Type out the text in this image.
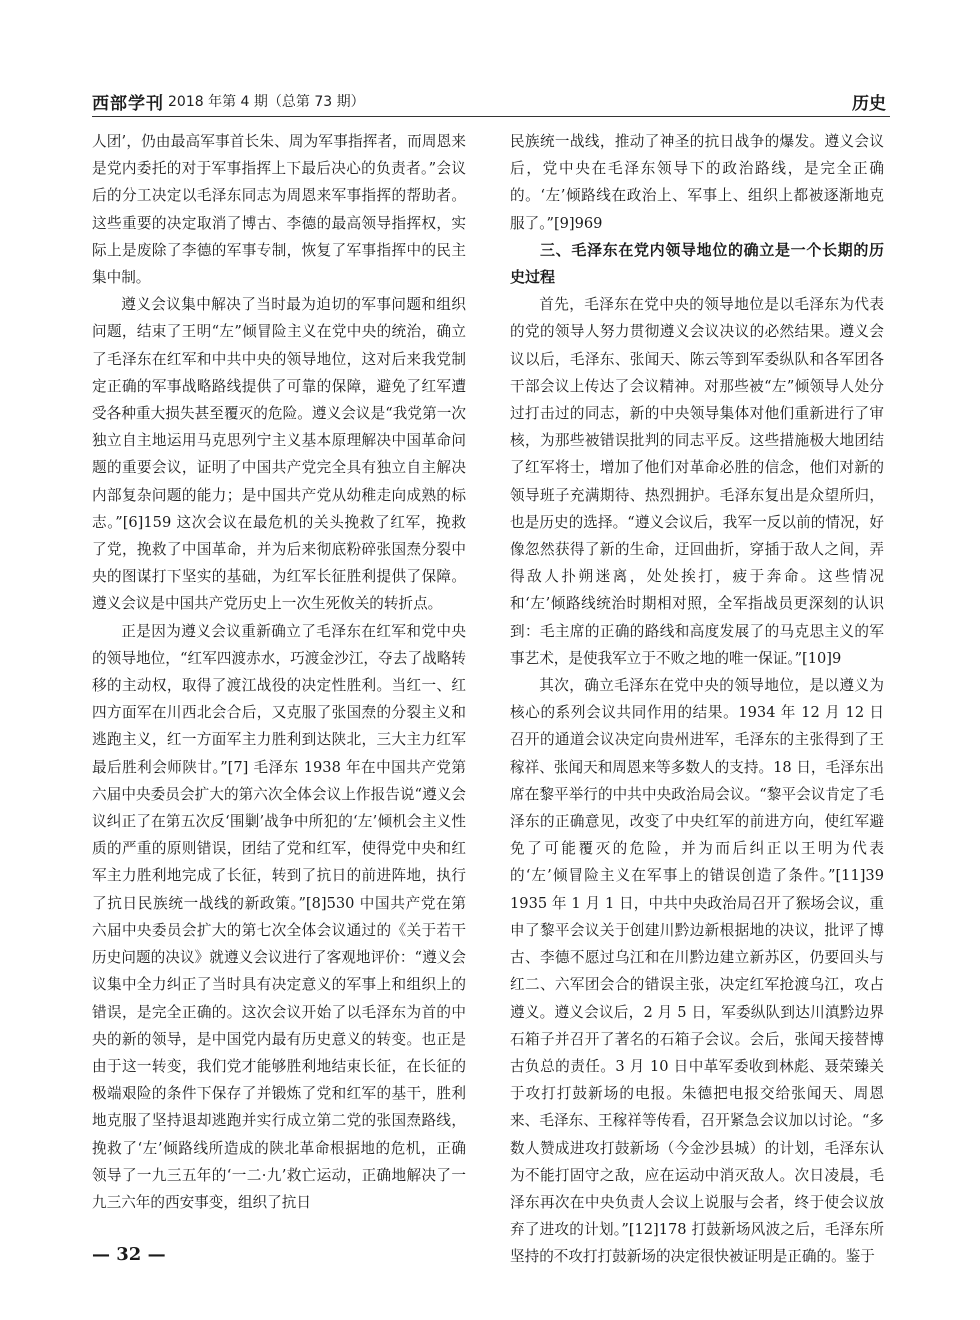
西部学刊 2018 年第 4 期（总第 73 期）	历史

人团’，仍由最高军事首长朱、周为军事指挥者，而周恩来是党内委托的对于军事指挥上下最后决心的负责者。”会议后的分工决定以毛泽东同志为周恩来军事指挥的帮助者。这些重要的决定取消了博古、李德的最高领导指挥权，实际上是废除了李德的军事专制，恢复了军事指挥中的民主集中制。

遵义会议集中解决了当时最为迫切的军事问题和组织问题，结束了王明“左”倾冒险主义在党中央的统治，确立了毛泽东在红军和中共中央的领导地位，这对后来我党制定正确的军事战略路线提供了可靠的保障，避免了红军遭受各种重大损失甚至覆灭的危险。遵义会议是“我党第一次独立自主地运用马克思列宁主义基本原理解决中国革命问题的重要会议，证明了中国共产党完全具有独立自主解决内部复杂问题的能力；是中国共产党从幼稚走向成熟的标志。”[6]159 这次会议在最危机的关头挽救了红军，挽救了党，挽救了中国革命，并为后来彻底粉碎张国焘分裂中央的图谋打下坚实的基础，为红军长征胜利提供了保障。遵义会议是中国共产党历史上一次生死攸关的转折点。

正是因为遵义会议重新确立了毛泽东在红军和党中央的领导地位，“红军四渡赤水，巧渡金沙江，夺去了战略转移的主动权，取得了渡江战役的决定性胜利。当红一、红四方面军在川西北会合后，又克服了张国焘的分裂主义和逃跑主义，红一方面军主力胜利到达陕北，三大主力红军最后胜利会师陕甘。”[7] 毛泽东 1938 年在中国共产党第六届中央委员会扩大的第六次全体会议上作报告说“遵义会议纠正了在第五次反‘围剿’战争中所犯的‘左’倾机会主义性质的严重的原则错误，团结了党和红军，使得党中央和红军主力胜利地完成了长征，转到了抗日的前进阵地，执行了抗日民族统一战线的新政策。”[8]530 中国共产党在第六届中央委员会扩大的第七次全体会议通过的《关于若干历史问题的决议》就遵义会议进行了客观地评价：“遵义会议集中全力纠正了当时具有决定意义的军事上和组织上的错误，是完全正确的。这次会议开始了以毛泽东为首的中央的新的领导，是中国党内最有历史意义的转变。也正是由于这一转变，我们党才能够胜利地结束长征，在长征的极端艰险的条件下保存了并锻炼了党和红军的基干，胜利地克服了坚持退却逃跑并实行成立第二党的张国焘路线，挽救了‘左’倾路线所造成的陕北革命根据地的危机，正确领导了一九三五年的‘一二·九’救亡运动，正确地解决了一九三六年的西安事变，组织了抗日

民族统一战线，推动了神圣的抗日战争的爆发。遵义会议后，党中央在毛泽东领导下的政治路线，是完全正确的。‘左’倾路线在政治上、军事上、组织上都被逐渐地克服了。”[9]969

三、毛泽东在党内领导地位的确立是一个长期的历史过程

首先，毛泽东在党中央的领导地位是以毛泽东为代表的党的领导人努力贯彻遵义会议决议的必然结果。遵义会议以后，毛泽东、张闻天、陈云等到军委纵队和各军团各干部会议上传达了会议精神。对那些被“左”倾领导人处分过打击过的同志，新的中央领导集体对他们重新进行了审核，为那些被错误批判的同志平反。这些措施极大地团结了红军将士，增加了他们对革命必胜的信念，他们对新的领导班子充满期待、热烈拥护。毛泽东复出是众望所归，也是历史的选择。“遵义会议后，我军一反以前的情况，好像忽然获得了新的生命，迂回曲折，穿插于敌人之间，弄得敌人扑朔迷离，处处挨打，疲于奔命。这些情况和‘左’倾路线统治时期相对照，全军指战员更深刻的认识到：毛主席的正确的路线和高度发展了的马克思主义的军事艺术，是使我军立于不败之地的唯一保证。”[10]9

其次，确立毛泽东在党中央的领导地位，是以遵义为核心的系列会议共同作用的结果。1934 年 12 月 12 日召开的通道会议决定向贵州进军，毛泽东的主张得到了王稼祥、张闻天和周恩来等多数人的支持。18 日，毛泽东出席在黎平举行的中共中央政治局会议。“黎平会议肯定了毛泽东的正确意见，改变了中央红军的前进方向，使红军避免了可能覆灭的危险，并为而后纠正以王明为代表的‘左’倾冒险主义在军事上的错误创造了条件。”[11]39 1935 年 1 月 1 日，中共中央政治局召开了猴场会议，重申了黎平会议关于创建川黔边新根据地的决议，批评了博古、李德不愿过乌江和在川黔边建立新苏区，仍要回头与红二、六军团会合的错误主张，决定红军抢渡乌江，攻占遵义。遵义会议后，2 月 5 日，军委纵队到达川滇黔边界石箱子并召开了著名的石箱子会议。会后，张闻天接替博古负总的责任。3 月 10 日中革军委收到林彪、聂荣臻关于攻打打鼓新场的电报。朱德把电报交给张闻天、周恩来、毛泽东、王稼祥等传看，召开紧急会议加以讨论。“多数人赞成进攻打鼓新场（今金沙县城）的计划，毛泽东认为不能打固守之敌，应在运动中消灭敌人。次日凌晨，毛泽东再次在中央负责人会议上说服与会者，终于使会议放弃了进攻的计划。”[12]178 打鼓新场风波之后，毛泽东所坚持的不攻打打鼓新场的决定很快被证明是正确的。鉴于

— 32 —
